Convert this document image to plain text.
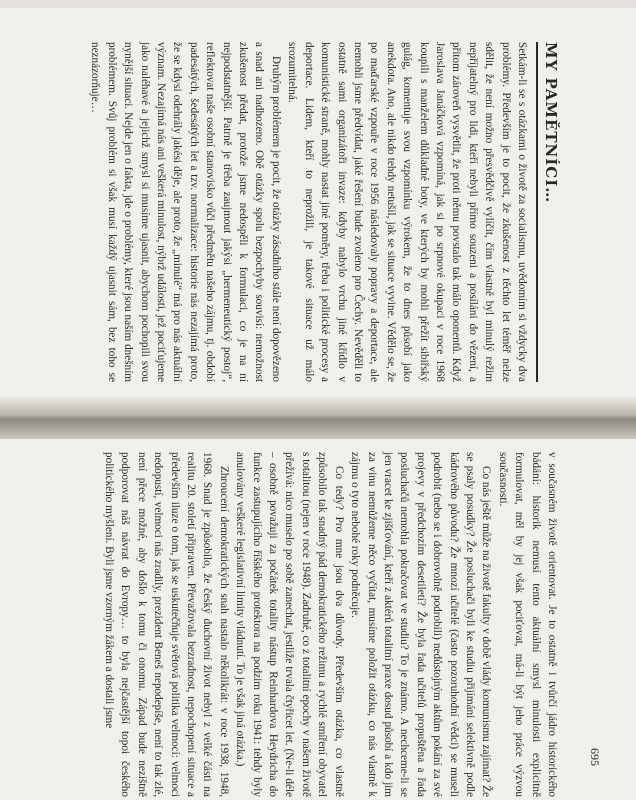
MY PAMĚTNÍCI…

Setkám-li se s otázkami o životě za socialismu, uvědomím si vždycky dva problémy. Především je to pocit, že zkušenost z těchto let téměř nelze sdělit, že není možno přesvědčivě vylíčit, čím vlastně byl minulý režim nepříjatelný pro lidi, kteří nebyli přímo souzeni a posíláni do vězení, a přitom zároveň vysvětlit, že proti němu povstalo tak málo oponentů. Když Jaroslava Janáčková vzpomíná, jak si po srpnové okupaci v roce 1968 koupili s manželem důkladné boty, ve kterých by mohli přežít sibiřský gulág, komentuje svou vzpomínku výrokem, že to dnes působí jako anekdota. Ano, ale nikdo tehdy netušil, jak se situace vyvine. Vědělo se, že po maďarské vzpouře v roce 1956 následovaly popravy a deportace, ale nemohli jsme předvídat, jaké řešení bude zvoleno pro Čechy. Nevěděli to ostatně sami organizátoři invaze: kdyby nabylo vrchu jiné křídlo v komunistické straně, mohly nastat jiné poměry, třeba i politické procesy a deportace. Lidem, kteří to neprožili, je takové situace už málo srozumitelná.

Druhým problémem je pocit, že otázky zásadního stále není dopovězeno a snad ani nadhozeno. Obě otázky spolu bezpochyby souvisí: nemožnost zkušenost předat, protože jsme nedospěli k formulaci, co je na ní nejpodstatnější. Patrně je třeba zaujmout jakýsi „hermeneutický postoj“, reflektovat naše osobní stanovisko vůči předmětu našeho zájmu, tj. období padesátých, šedesátých let a tzv. normalizace: historie nás nezajímá proto, že se kdysi odehrály jakési děje, ale proto, že „minulé“ má pro nás aktuální význam. Nezajímá nás ani veškerá minulost, nýbrž události, jež pociťujeme jako naléhavé a jejichž smysl si musíme ujasnit, abychom pochopili svou nynější situaci. Nejde jen o fakta, jde o problémy, které jsou naším dnešním problémem. Svůj problém si však musí každý ujasnit sám, bez toho se neznázorňuje…

v současném životě orientovat. Je to ostatně i tvůrčí jádro historického bádání: historik nemusí tento aktuální smysl minulosti explicitně formulovat, měl by jej však pociťovat, má-li být jeho práce výzvou současnosti.

Co nás ještě může na životě fakulty v době vlády komunismu zajímat? Že se psaly posudky? Že posluchači byli ke studiu přijímáni selektivně podle kádrového původu? Že mnozí učitelé (často pozoruhodní vědci) se museli podrobit (nebo se i dobrovolně podrobili) nedůstojným aktům pokání za své projevy v předchozím desetiletí? Že byla řada učitelů propuštěna a řada posluchačů nemohla pokračovat ve studiu? To je známo. A nechceme-li se jen vracet ke zjišťování, kteří z aktérů totalitní praxe dosud působí a kdo jim za vinu nemůžeme něco vyčítat, musíme položit otázku, co nás vlastně k zájmu o tyto nebohé roky podněcuje.

Co tedy? Pro mne jsou dva důvody. Především otázka, co vlastně způsobilo tak snadný pád demokratického režimu a rychlé smíření obyvatel s totalitou (nejen v roce 1948). Zadruhé, co z totalitní epochy v našem životě přežívá: nico muselo po sobě zanechat, jestliže trvala čtyřicet let. (Ne-li déle – osobně považuji za počátek totality nástup Reinhardova Heydricha do funkce zastupujícího říšského protektora na podzim roku 1941: tehdy byly anulovány veškeré legislativní limity vládnutí. To je však jiná otázka.)

Zhroucení demokratických snah nastalo několikrát: v roce 1938, 1948, 1968. Snad je způsobilo, že český duchovní život nebyl z velké části na realitu 20. století připraven. Převažovala bezradnost, nepochopení situace a především iluze o tom, jak se uskutečňuje světová politika velmocí: velmoci nedopustí, velmoci nás zradily, prezident Beneš nepodepíše, není to tak zlé, není přece možné, aby došlo k tomu či onomu. Západ bude nezištně podporovat náš návrat do Evropy… to byla nejčastější topoi českého politického myšlení. Byli jsme vzorným žákem a dostali jsme

695
